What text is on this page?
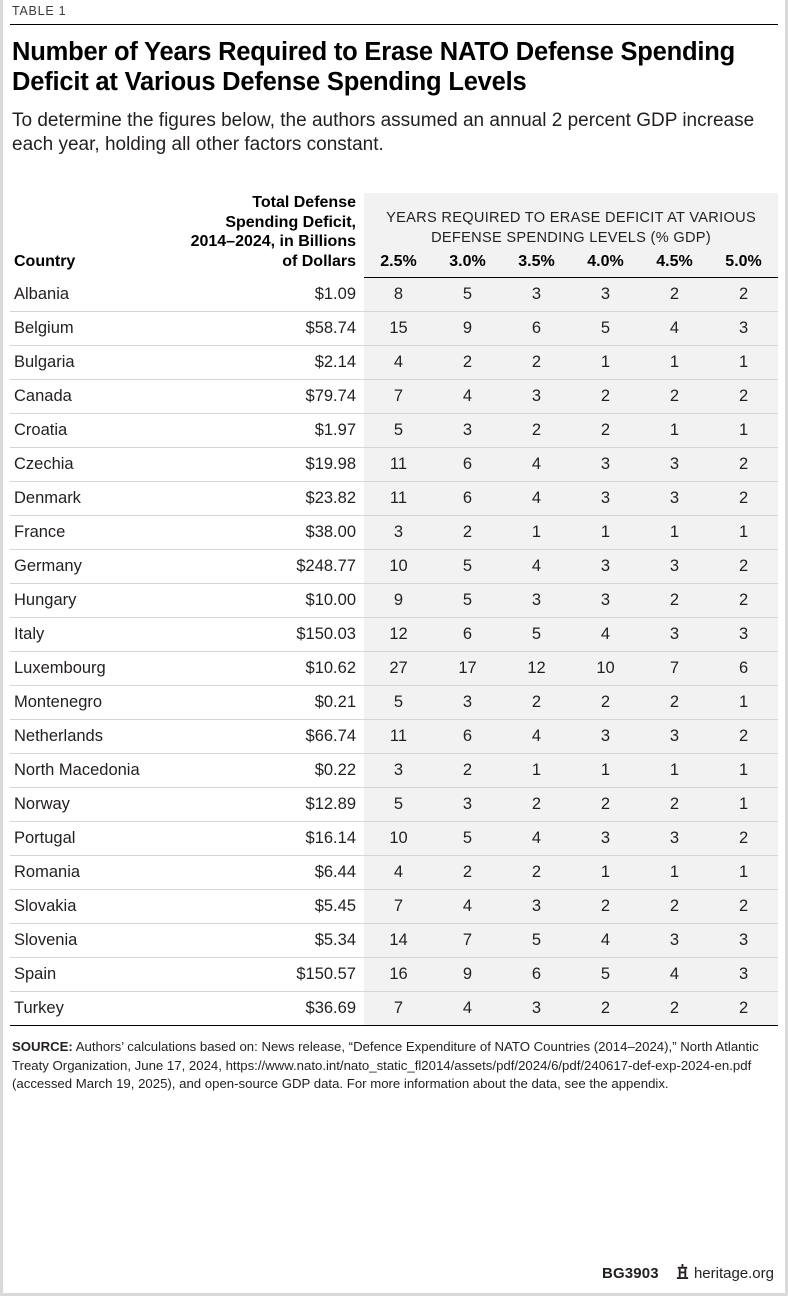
TABLE 1
Number of Years Required to Erase NATO Defense Spending Deficit at Various Defense Spending Levels
To determine the figures below, the authors assumed an annual 2 percent GDP increase each year, holding all other factors constant.
Country	Total Defense Spending Deficit, 2014–2024, in Billions of Dollars	YEARS REQUIRED TO ERASE DEFICIT AT VARIOUS DEFENSE SPENDING LEVELS (% GDP)					
		2.5%	3.0%	3.5%	4.0%	4.5%	5.0%
Albania	$1.09	8	5	3	3	2	2
Belgium	$58.74	15	9	6	5	4	3
Bulgaria	$2.14	4	2	2	1	1	1
Canada	$79.74	7	4	3	2	2	2
Croatia	$1.97	5	3	2	2	1	1
Czechia	$19.98	11	6	4	3	3	2
Denmark	$23.82	11	6	4	3	3	2
France	$38.00	3	2	1	1	1	1
Germany	$248.77	10	5	4	3	3	2
Hungary	$10.00	9	5	3	3	2	2
Italy	$150.03	12	6	5	4	3	3
Luxembourg	$10.62	27	17	12	10	7	6
Montenegro	$0.21	5	3	2	2	2	1
Netherlands	$66.74	11	6	4	3	3	2
North Macedonia	$0.22	3	2	1	1	1	1
Norway	$12.89	5	3	2	2	2	1
Portugal	$16.14	10	5	4	3	3	2
Romania	$6.44	4	2	2	1	1	1
Slovakia	$5.45	7	4	3	2	2	2
Slovenia	$5.34	14	7	5	4	3	3
Spain	$150.57	16	9	6	5	4	3
Turkey	$36.69	7	4	3	2	2	2
SOURCE: Authors’ calculations based on: News release, “Defence Expenditure of NATO Countries (2014–2024),” North Atlantic Treaty Organization, June 17, 2024, https://www.nato.int/nato_static_fl2014/assets/pdf/2024/6/pdf/240617-def-exp-2024-en.pdf (accessed March 19, 2025), and open-source GDP data. For more information about the data, see the appendix.
BG3903 heritage.org
